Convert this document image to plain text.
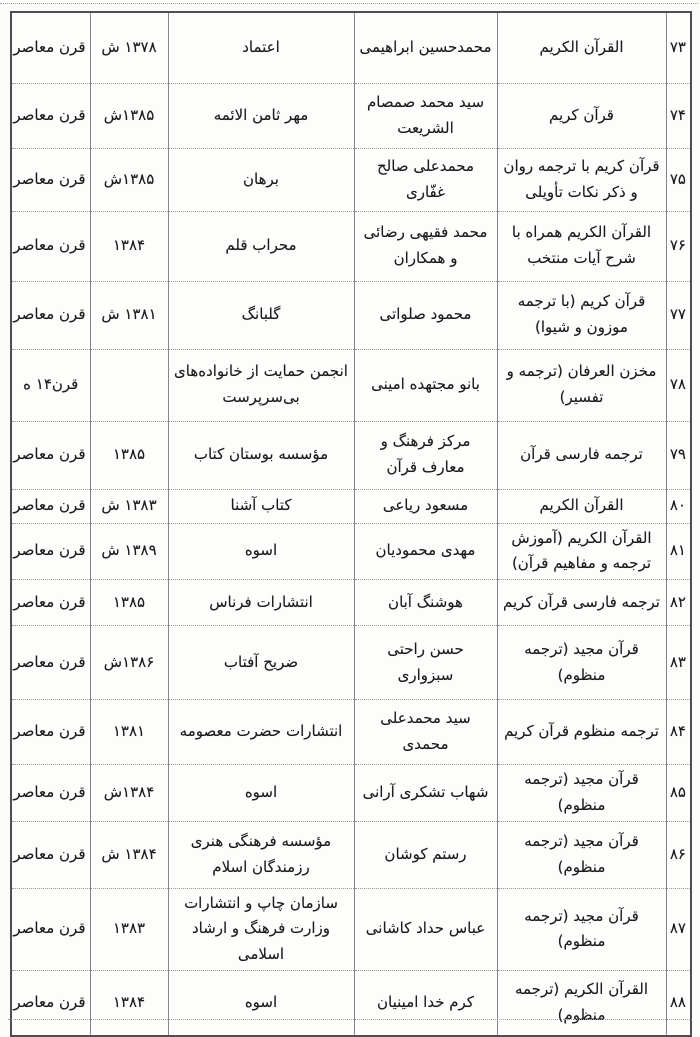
۷۳	القرآن الکریم	محمدحسین ابراهیمی	اعتماد	۱۳۷۸ ش	قرن معاصر
۷۴	قرآن کریم	سید محمد صمصام الشریعت	مهر ثامن الائمه	۱۳۸۵ش	قرن معاصر
۷۵	قرآن کریم با ترجمه روان و ذکر نکات تأویلی	محمدعلی صالح غفّاری	برهان	۱۳۸۵ش	قرن معاصر
۷۶	القرآن الکریم همراه با شرح آیات منتخب	محمد فقیهی رضائی و همکاران	محراب قلم	۱۳۸۴	قرن معاصر
۷۷	قرآن کریم (با ترجمه موزون و شیوا)	محمود صلواتی	گلبانگ	۱۳۸۱ ش	قرن معاصر
۷۸	مخزن العرفان (ترجمه و تفسیر)	بانو مجتهده امینی	انجمن حمایت از خانواده‌های بی‌سرپرست		قرن۱۴ ه
۷۹	ترجمه فارسی قرآن	مرکز فرهنگ و معارف قرآن	مؤسسه بوستان کتاب	۱۳۸۵	قرن معاصر
۸۰	القرآن الکریم	مسعود ریاعی	کتاب آشنا	۱۳۸۳ ش	قرن معاصر
۸۱	القرآن الکریم (آموزش ترجمه و مفاهیم قرآن)	مهدی محمودیان	اسوه	۱۳۸۹ ش	قرن معاصر
۸۲	ترجمه فارسی قرآن کریم	هوشنگ آبان	انتشارات فرناس	۱۳۸۵	قرن معاصر
۸۳	قرآن مجید (ترجمه منظوم)	حسن راحتی سبزواری	ضریح آفتاب	۱۳۸۶ش	قرن معاصر
۸۴	ترجمه منظوم قرآن کریم	سید محمدعلی محمدی	انتشارات حضرت معصومه	۱۳۸۱	قرن معاصر
۸۵	قرآن مجید (ترجمه منظوم)	شهاب تشکری آرانی	اسوه	۱۳۸۴ش	قرن معاصر
۸۶	قرآن مجید (ترجمه منظوم)	رستم کوشان	مؤسسه فرهنگی هنری رزمندگان اسلام	۱۳۸۴ ش	قرن معاصر
۸۷	قرآن مجید (ترجمه منظوم)	عباس حداد کاشانی	سازمان چاپ و انتشارات وزارت فرهنگ و ارشاد اسلامی	۱۳۸۳	قرن معاصر
۸۸	القرآن الکریم (ترجمه منظوم)	کرم خدا امینیان	اسوه	۱۳۸۴	قرن معاصر
